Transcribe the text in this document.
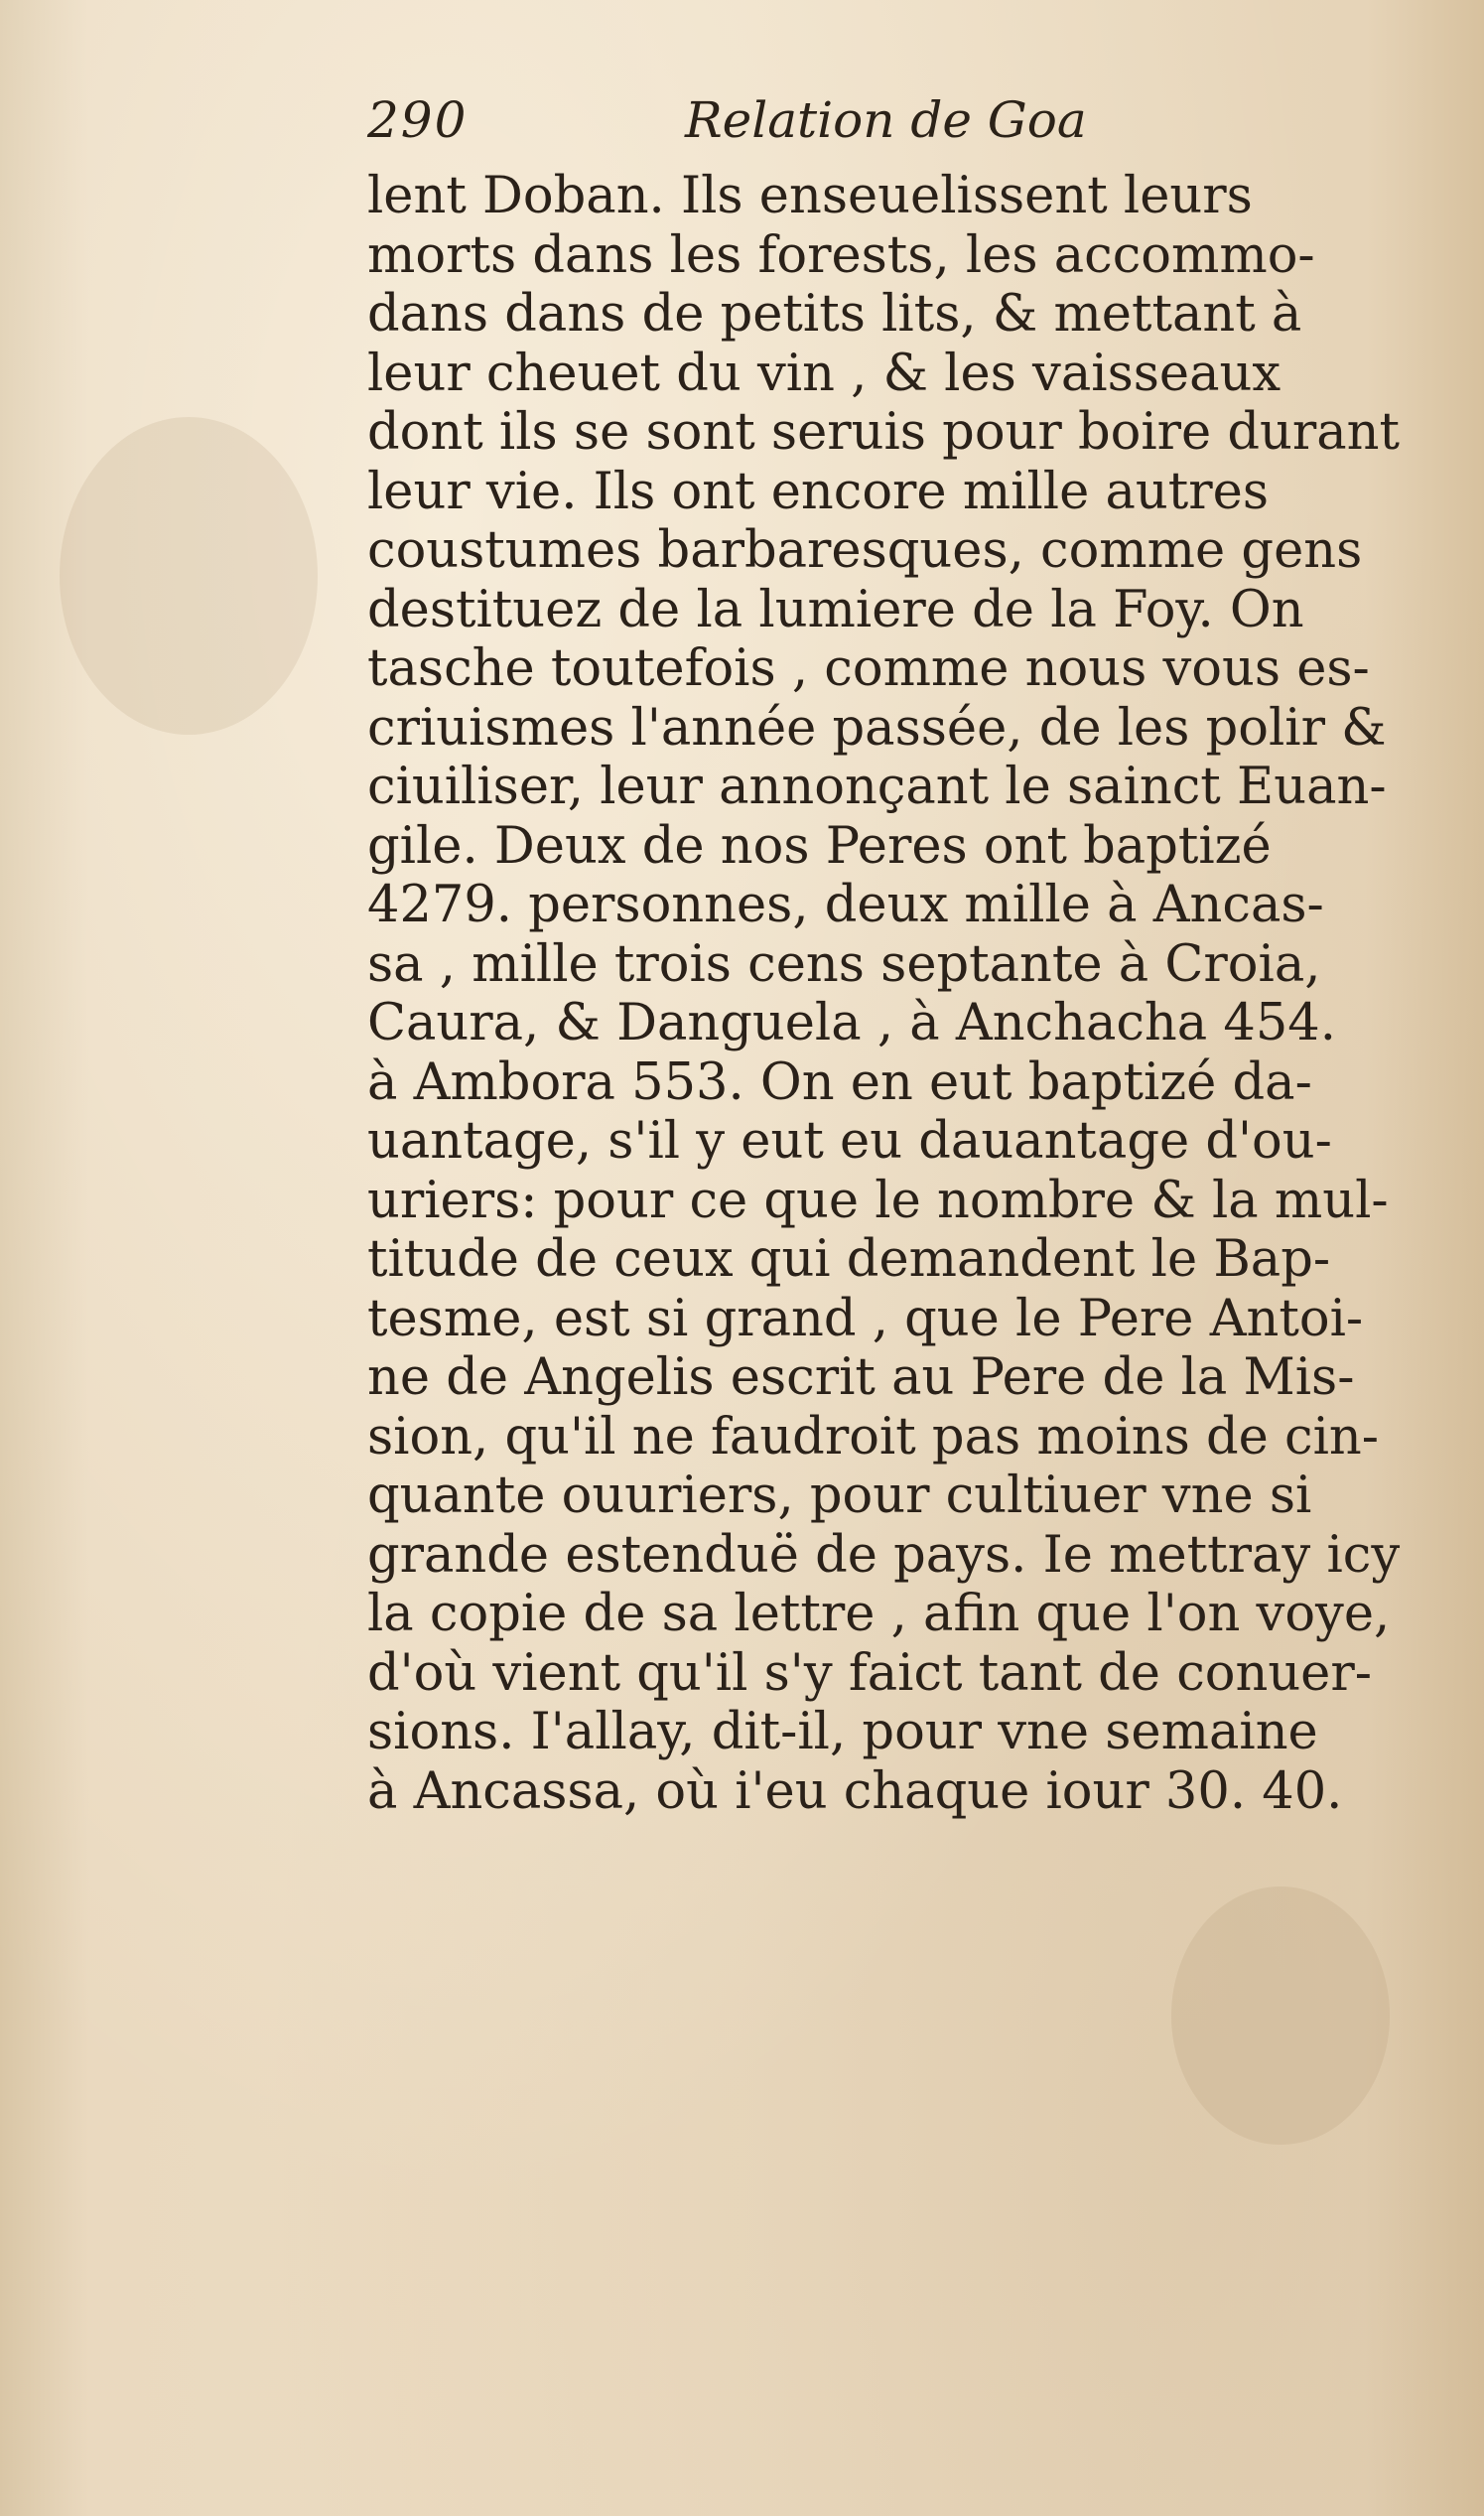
290	Relation de Goa
lent Doban. Ils enseuelissent leurs
morts dans les forests, les accommo-
dans dans de petits lits, & mettant à
leur cheuet du vin , & les vaisseaux
dont ils se sont seruis pour boire durant
leur vie. Ils ont encore mille autres
coustumes barbaresques, comme gens
destituez de la lumiere de la Foy. On
tasche toutefois , comme nous vous es-
criuismes l'année passée, de les polir &
ciuiliser, leur annonçant le sainct Euan-
gile. Deux de nos Peres ont baptizé
4279. personnes, deux mille à Ancas-
sa , mille trois cens septante à Croia,
Caura, & Danguela , à Anchacha 454.
à Ambora 553. On en eut baptizé da-
uantage, s'il y eut eu dauantage d'ou-
uriers: pour ce que le nombre & la mul-
titude de ceux qui demandent le Bap-
tesme, est si grand , que le Pere Antoi-
ne de Angelis escrit au Pere de la Mis-
sion, qu'il ne faudroit pas moins de cin-
quante ouuriers, pour cultiuer vne si
grande estenduë de pays. Ie mettray icy
la copie de sa lettre , afin que l'on voye,
d'où vient qu'il s'y faict tant de conuer-
sions. I'allay, dit-il, pour vne semaine
à Ancassa, où i'eu chaque iour 30. 40.
